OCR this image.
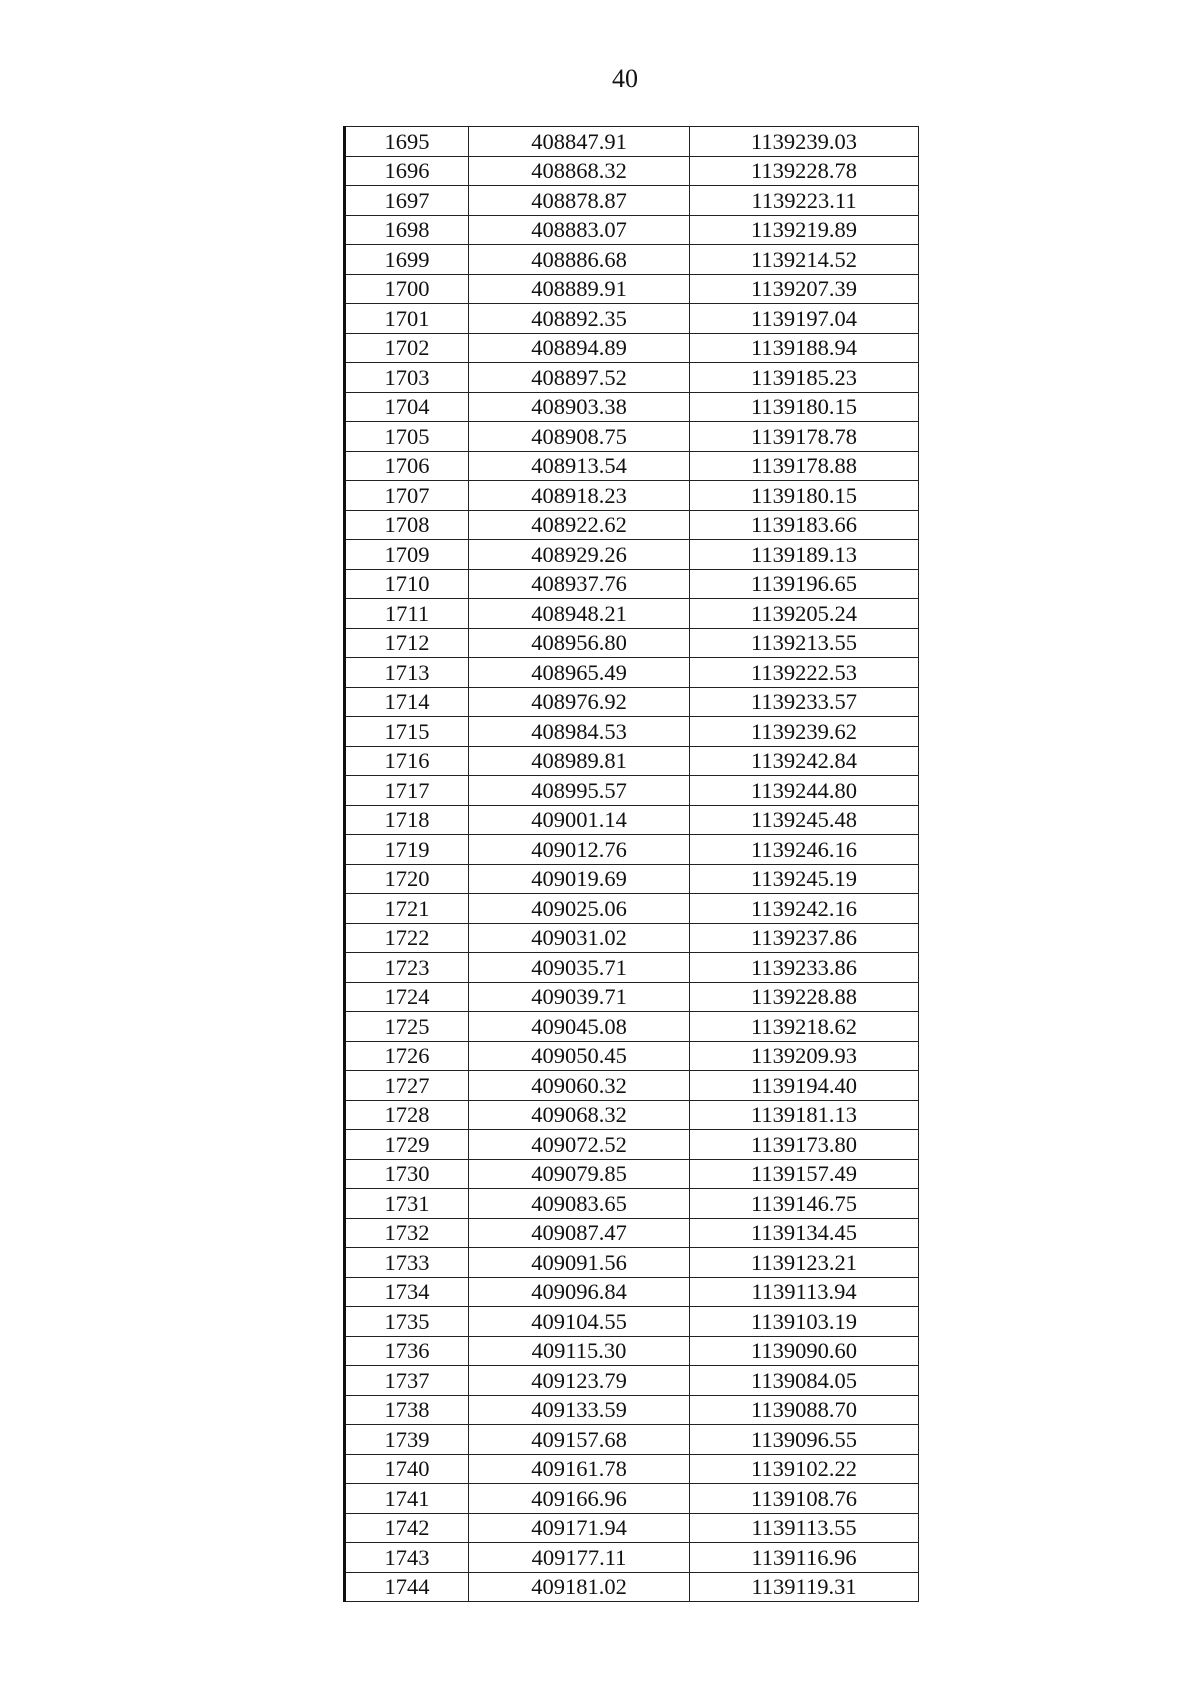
40
1695	408847.91	1139239.03
1696	408868.32	1139228.78
1697	408878.87	1139223.11
1698	408883.07	1139219.89
1699	408886.68	1139214.52
1700	408889.91	1139207.39
1701	408892.35	1139197.04
1702	408894.89	1139188.94
1703	408897.52	1139185.23
1704	408903.38	1139180.15
1705	408908.75	1139178.78
1706	408913.54	1139178.88
1707	408918.23	1139180.15
1708	408922.62	1139183.66
1709	408929.26	1139189.13
1710	408937.76	1139196.65
1711	408948.21	1139205.24
1712	408956.80	1139213.55
1713	408965.49	1139222.53
1714	408976.92	1139233.57
1715	408984.53	1139239.62
1716	408989.81	1139242.84
1717	408995.57	1139244.80
1718	409001.14	1139245.48
1719	409012.76	1139246.16
1720	409019.69	1139245.19
1721	409025.06	1139242.16
1722	409031.02	1139237.86
1723	409035.71	1139233.86
1724	409039.71	1139228.88
1725	409045.08	1139218.62
1726	409050.45	1139209.93
1727	409060.32	1139194.40
1728	409068.32	1139181.13
1729	409072.52	1139173.80
1730	409079.85	1139157.49
1731	409083.65	1139146.75
1732	409087.47	1139134.45
1733	409091.56	1139123.21
1734	409096.84	1139113.94
1735	409104.55	1139103.19
1736	409115.30	1139090.60
1737	409123.79	1139084.05
1738	409133.59	1139088.70
1739	409157.68	1139096.55
1740	409161.78	1139102.22
1741	409166.96	1139108.76
1742	409171.94	1139113.55
1743	409177.11	1139116.96
1744	409181.02	1139119.31
